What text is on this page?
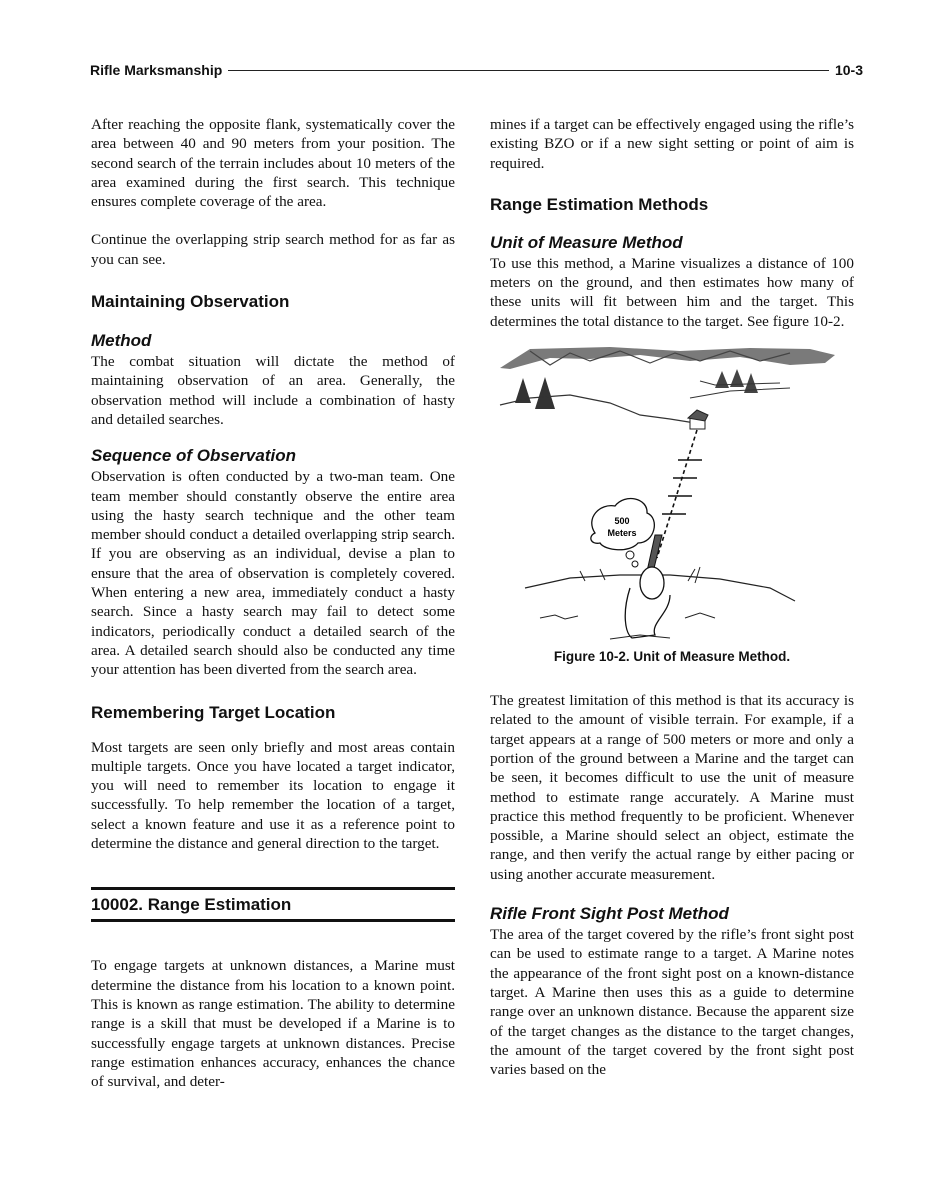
Rifle Marksmanship	10-3

After reaching the opposite flank, systematically cover the area between 40 and 90 meters from your position. The second search of the terrain includes about 10 meters of the area examined during the first search. This technique ensures complete coverage of the area.

Continue the overlapping strip search method for as far as you can see.

Maintaining Observation
Method

The combat situation will dictate the method of maintaining observation of an area. Generally, the observation method will include a combination of hasty and detailed searches.

Sequence of Observation

Observation is often conducted by a two-man team. One team member should constantly observe the entire area using the hasty search technique and the other team member should conduct a detailed overlapping strip search. If you are observing as an individual, devise a plan to ensure that the area of observation is completely covered. When entering a new area, immediately conduct a hasty search. Since a hasty search may fail to detect some indicators, periodically conduct a detailed search of the area. A detailed search should also be conducted any time your attention has been diverted from the search area.

Remembering Target Location

Most targets are seen only briefly and most areas contain multiple targets. Once you have located a target indicator, you will need to remember its location to engage it successfully. To help remember the location of a target, select a known feature and use it as a reference point to determine the distance and general direction to the target.

10002. Range Estimation

To engage targets at unknown distances, a Marine must determine the distance from his location to a known point. This is known as range estimation. The ability to determine range is a skill that must be developed if a Marine is to successfully engage targets at unknown distances. Precise range estimation enhances accuracy, enhances the chance of survival, and deter-

mines if a target can be effectively engaged using the rifle’s existing BZO or if a new sight setting or point of aim is required.

Range Estimation Methods
Unit of Measure Method

To use this method, a Marine visualizes a distance of 100 meters on the ground, and then estimates how many of these units will fit between him and the target. This determines the total distance to the target. See figure 10-2.

500
Meters
Figure 10-2. Unit of Measure Method.

The greatest limitation of this method is that its accuracy is related to the amount of visible terrain. For example, if a target appears at a range of 500 meters or more and only a portion of the ground between a Marine and the target can be seen, it becomes difficult to use the unit of measure method to estimate range accurately. A Marine must practice this method frequently to be proficient. Whenever possible, a Marine should select an object, estimate the range, and then verify the actual range by either pacing or using another accurate measurement.

Rifle Front Sight Post Method

The area of the target covered by the rifle’s front sight post can be used to estimate range to a target. A Marine notes the appearance of the front sight post on a known-distance target. A Marine then uses this as a guide to determine range over an unknown distance. Because the apparent size of the target changes as the distance to the target changes, the amount of the target covered by the front sight post varies based on the
